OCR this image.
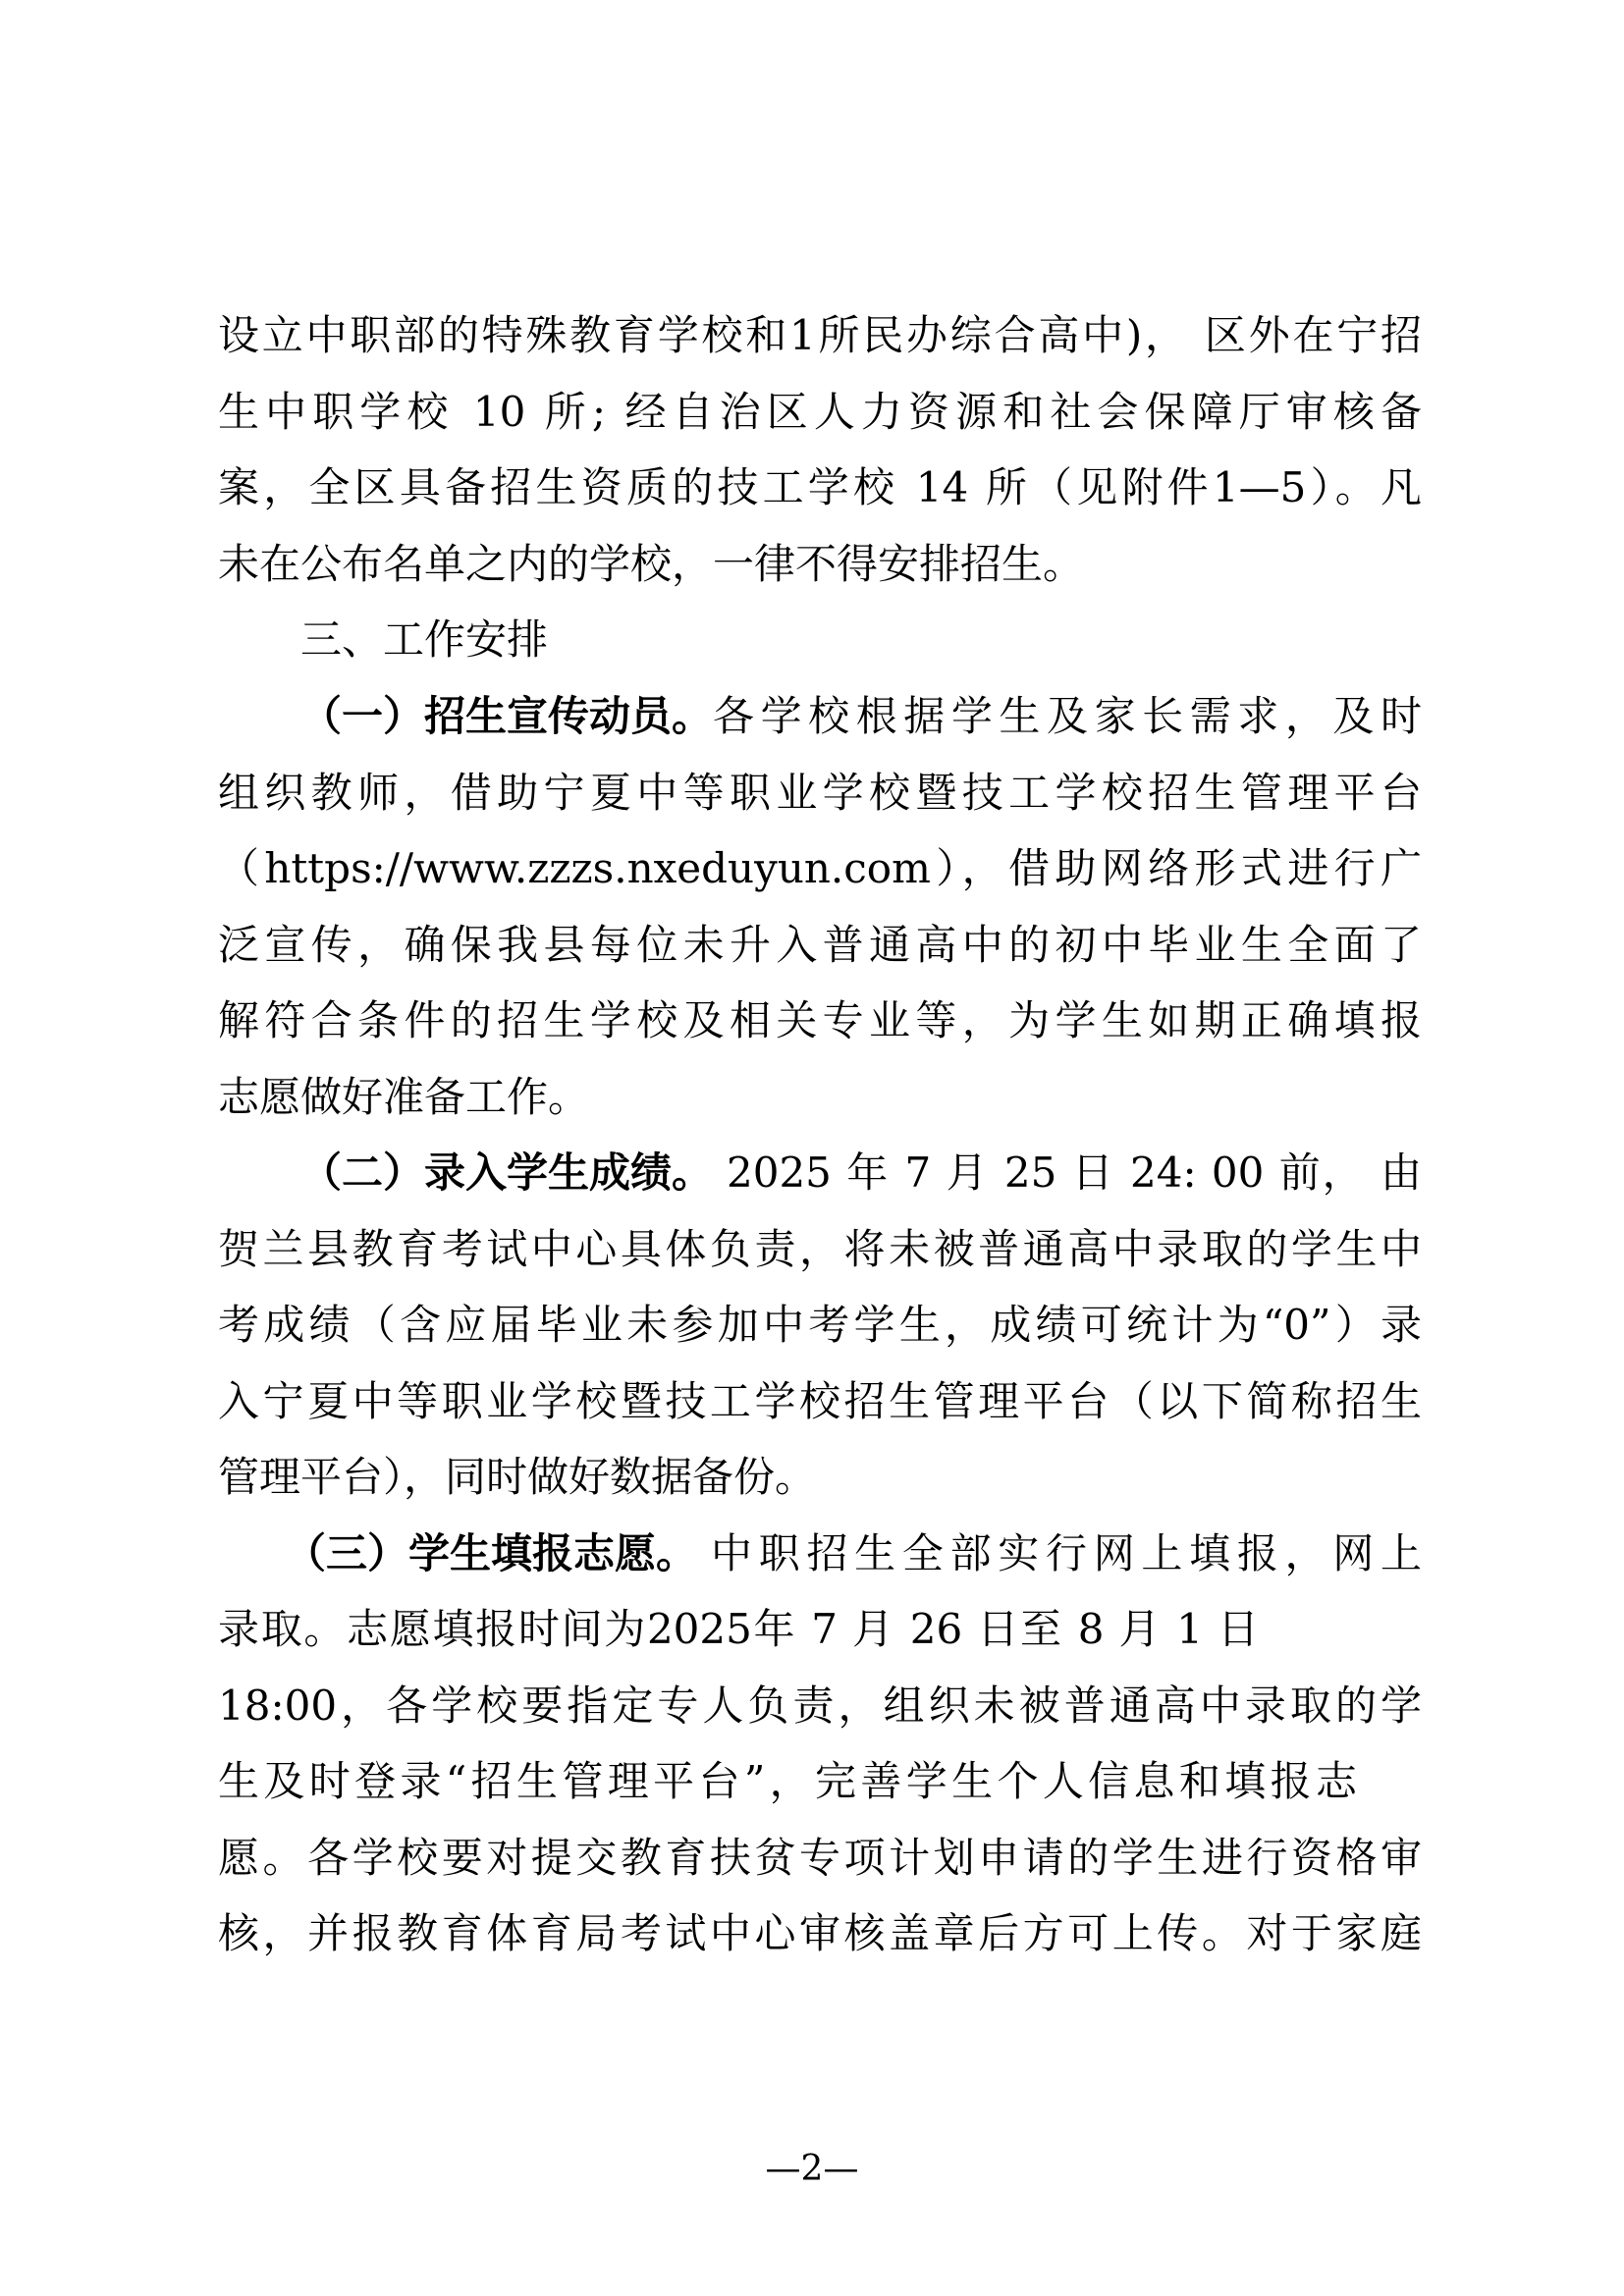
设立中职部的特殊教育学校和1所民办综合高中)， 区外在宁招
生中职学校 10 所; 经自治区人力资源和社会保障厅审核备
案，全区具备招生资质的技工学校 14 所（见附件1—5）。凡
未在公布名单之内的学校，一律不得安排招生。
三、工作安排
（一）招生宣传动员。 各学校根据学生及家长需求，及时
组织教师，借助宁夏中等职业学校暨技工学校招生管理平台
（https://www.zzzs.nxeduyun.com），借助网络形式进行广
泛宣传，确保我县每位未升入普通高中的初中毕业生全面了
解符合条件的招生学校及相关专业等，为学生如期正确填报
志愿做好准备工作。
（二）录入学生成绩。 2025 年 7 月 25 日 24: 00 前， 由
贺兰县教育考试中心具体负责，将未被普通高中录取的学生中
考成绩（含应届毕业未参加中考学生，成绩可统计为“0”）录
入宁夏中等职业学校暨技工学校招生管理平台（以下简称招生
管理平台），同时做好数据备份。
（三）学生填报志愿。 中职招生全部实行网上填报，网上
录取。志愿填报时间为2025年 7 月 26 日至 8 月 1 日
18:00，各学校要指定专人负责，组织未被普通高中录取的学
生及时登录“招生管理平台”，完善学生个人信息和填报志
愿。各学校要对提交教育扶贫专项计划申请的学生进行资格审
核，并报教育体育局考试中心审核盖章后方可上传。对于家庭
—2—
